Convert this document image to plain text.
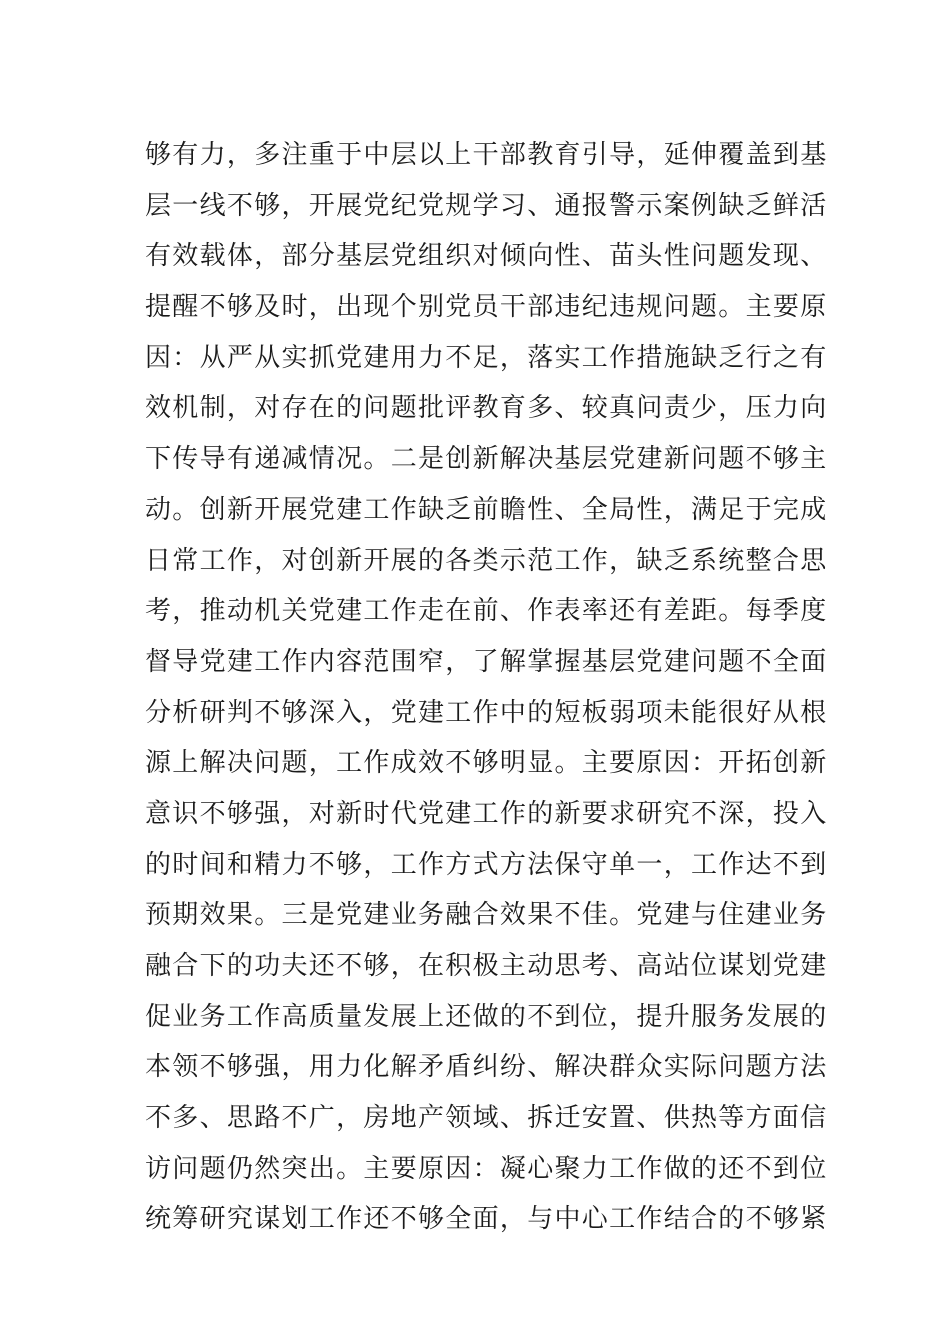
够有力，多注重于中层以上干部教育引导，延伸覆盖到基
层一线不够，开展党纪党规学习、通报警示案例缺乏鲜活
有效载体，部分基层党组织对倾向性、苗头性问题发现、
提醒不够及时，出现个别党员干部违纪违规问题。主要原
因：从严从实抓党建用力不足，落实工作措施缺乏行之有
效机制，对存在的问题批评教育多、较真问责少，压力向
下传导有递减情况。二是创新解决基层党建新问题不够主
动。创新开展党建工作缺乏前瞻性、全局性，满足于完成
日常工作，对创新开展的各类示范工作，缺乏系统整合思
考，推动机关党建工作走在前、作表率还有差距。每季度
督导党建工作内容范围窄，了解掌握基层党建问题不全面
分析研判不够深入，党建工作中的短板弱项未能很好从根
源上解决问题，工作成效不够明显。主要原因：开拓创新
意识不够强，对新时代党建工作的新要求研究不深，投入
的时间和精力不够，工作方式方法保守单一，工作达不到
预期效果。三是党建业务融合效果不佳。党建与住建业务
融合下的功夫还不够，在积极主动思考、高站位谋划党建
促业务工作高质量发展上还做的不到位，提升服务发展的
本领不够强，用力化解矛盾纠纷、解决群众实际问题方法
不多、思路不广，房地产领域、拆迁安置、供热等方面信
访问题仍然突出。主要原因：凝心聚力工作做的还不到位
统筹研究谋划工作还不够全面，与中心工作结合的不够紧
